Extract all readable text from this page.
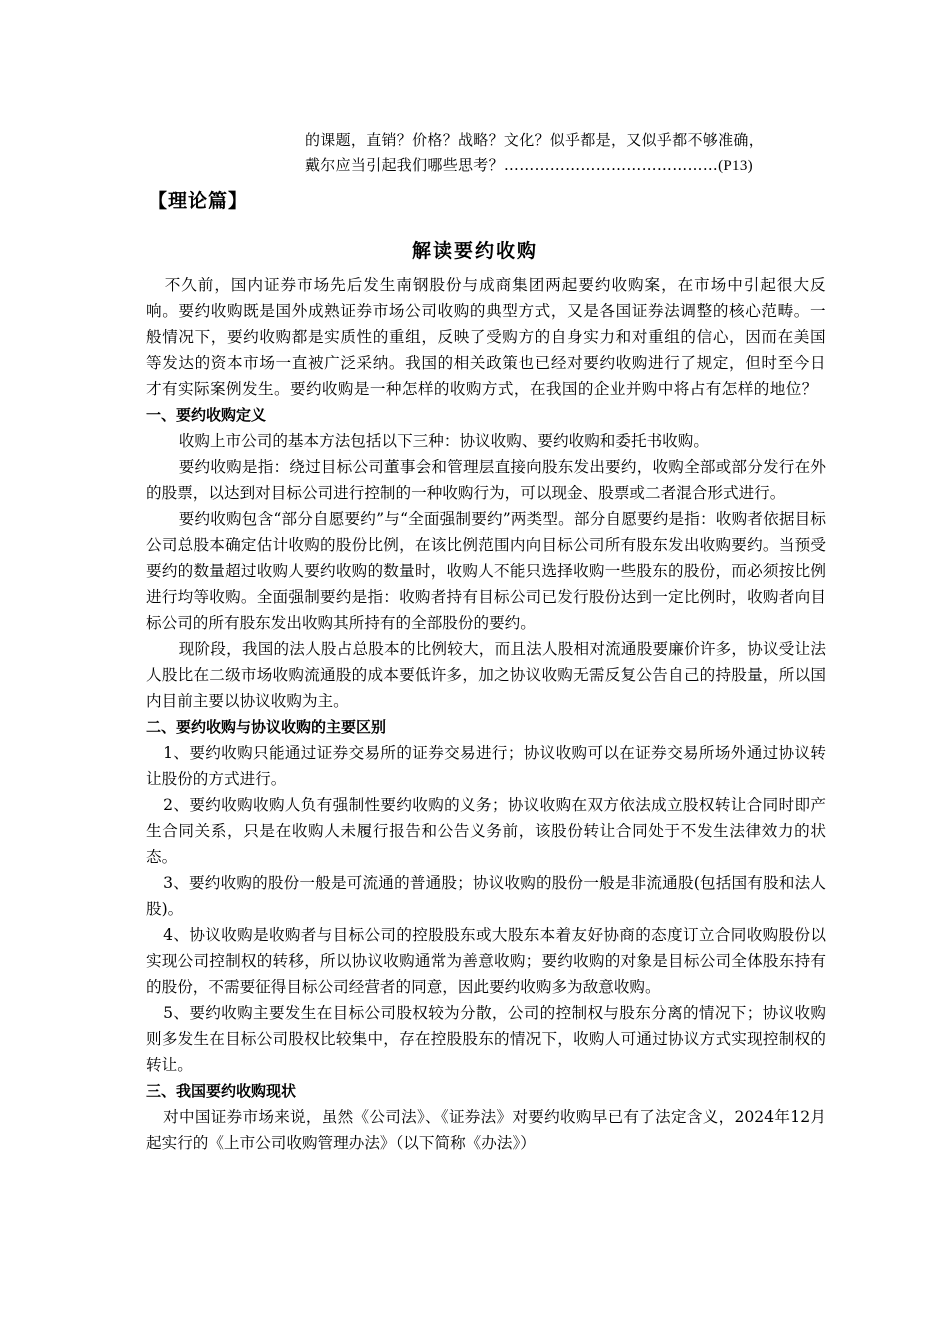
的课题，直销？价格？战略？文化？似乎都是，又似乎都不够准确，

戴尔应当引起我们哪些思考？……………………………………(P13)

【理论篇】
解读要约收购

不久前，国内证券市场先后发生南钢股份与成商集团两起要约收购案，在市场中引起很大反响。要约收购既是国外成熟证券市场公司收购的典型方式，又是各国证券法调整的核心范畴。一般情况下，要约收购都是实质性的重组，反映了受购方的自身实力和对重组的信心，因而在美国等发达的资本市场一直被广泛采纳。我国的相关政策也已经对要约收购进行了规定，但时至今日才有实际案例发生。要约收购是一种怎样的收购方式，在我国的企业并购中将占有怎样的地位？

一、要约收购定义

收购上市公司的基本方法包括以下三种：协议收购、要约收购和委托书收购。

要约收购是指：绕过目标公司董事会和管理层直接向股东发出要约，收购全部或部分发行在外的股票，以达到对目标公司进行控制的一种收购行为，可以现金、股票或二者混合形式进行。

要约收购包含“部分自愿要约”与“全面强制要约”两类型。部分自愿要约是指：收购者依据目标公司总股本确定估计收购的股份比例，在该比例范围内向目标公司所有股东发出收购要约。当预受要约的数量超过收购人要约收购的数量时，收购人不能只选择收购一些股东的股份，而必须按比例进行均等收购。全面强制要约是指：收购者持有目标公司已发行股份达到一定比例时，收购者向目标公司的所有股东发出收购其所持有的全部股份的要约。

现阶段，我国的法人股占总股本的比例较大，而且法人股相对流通股要廉价许多，协议受让法人股比在二级市场收购流通股的成本要低许多，加之协议收购无需反复公告自己的持股量，所以国内目前主要以协议收购为主。

二、要约收购与协议收购的主要区别

1、要约收购只能通过证券交易所的证券交易进行；协议收购可以在证券交易所场外通过协议转让股份的方式进行。

2、要约收购收购人负有强制性要约收购的义务；协议收购在双方依法成立股权转让合同时即产生合同关系，只是在收购人未履行报告和公告义务前，该股份转让合同处于不发生法律效力的状态。

3、要约收购的股份一般是可流通的普通股；协议收购的股份一般是非流通股(包括国有股和法人股)。

4、协议收购是收购者与目标公司的控股股东或大股东本着友好协商的态度订立合同收购股份以实现公司控制权的转移，所以协议收购通常为善意收购；要约收购的对象是目标公司全体股东持有的股份，不需要征得目标公司经营者的同意，因此要约收购多为敌意收购。

5、要约收购主要发生在目标公司股权较为分散，公司的控制权与股东分离的情况下；协议收购则多发生在目标公司股权比较集中，存在控股股东的情况下，收购人可通过协议方式实现控制权的转让。

三、我国要约收购现状

对中国证券市场来说，虽然《公司法》、《证券法》对要约收购早已有了法定含义，2024年12月起实行的《上市公司收购管理办法》（以下简称《办法》）
